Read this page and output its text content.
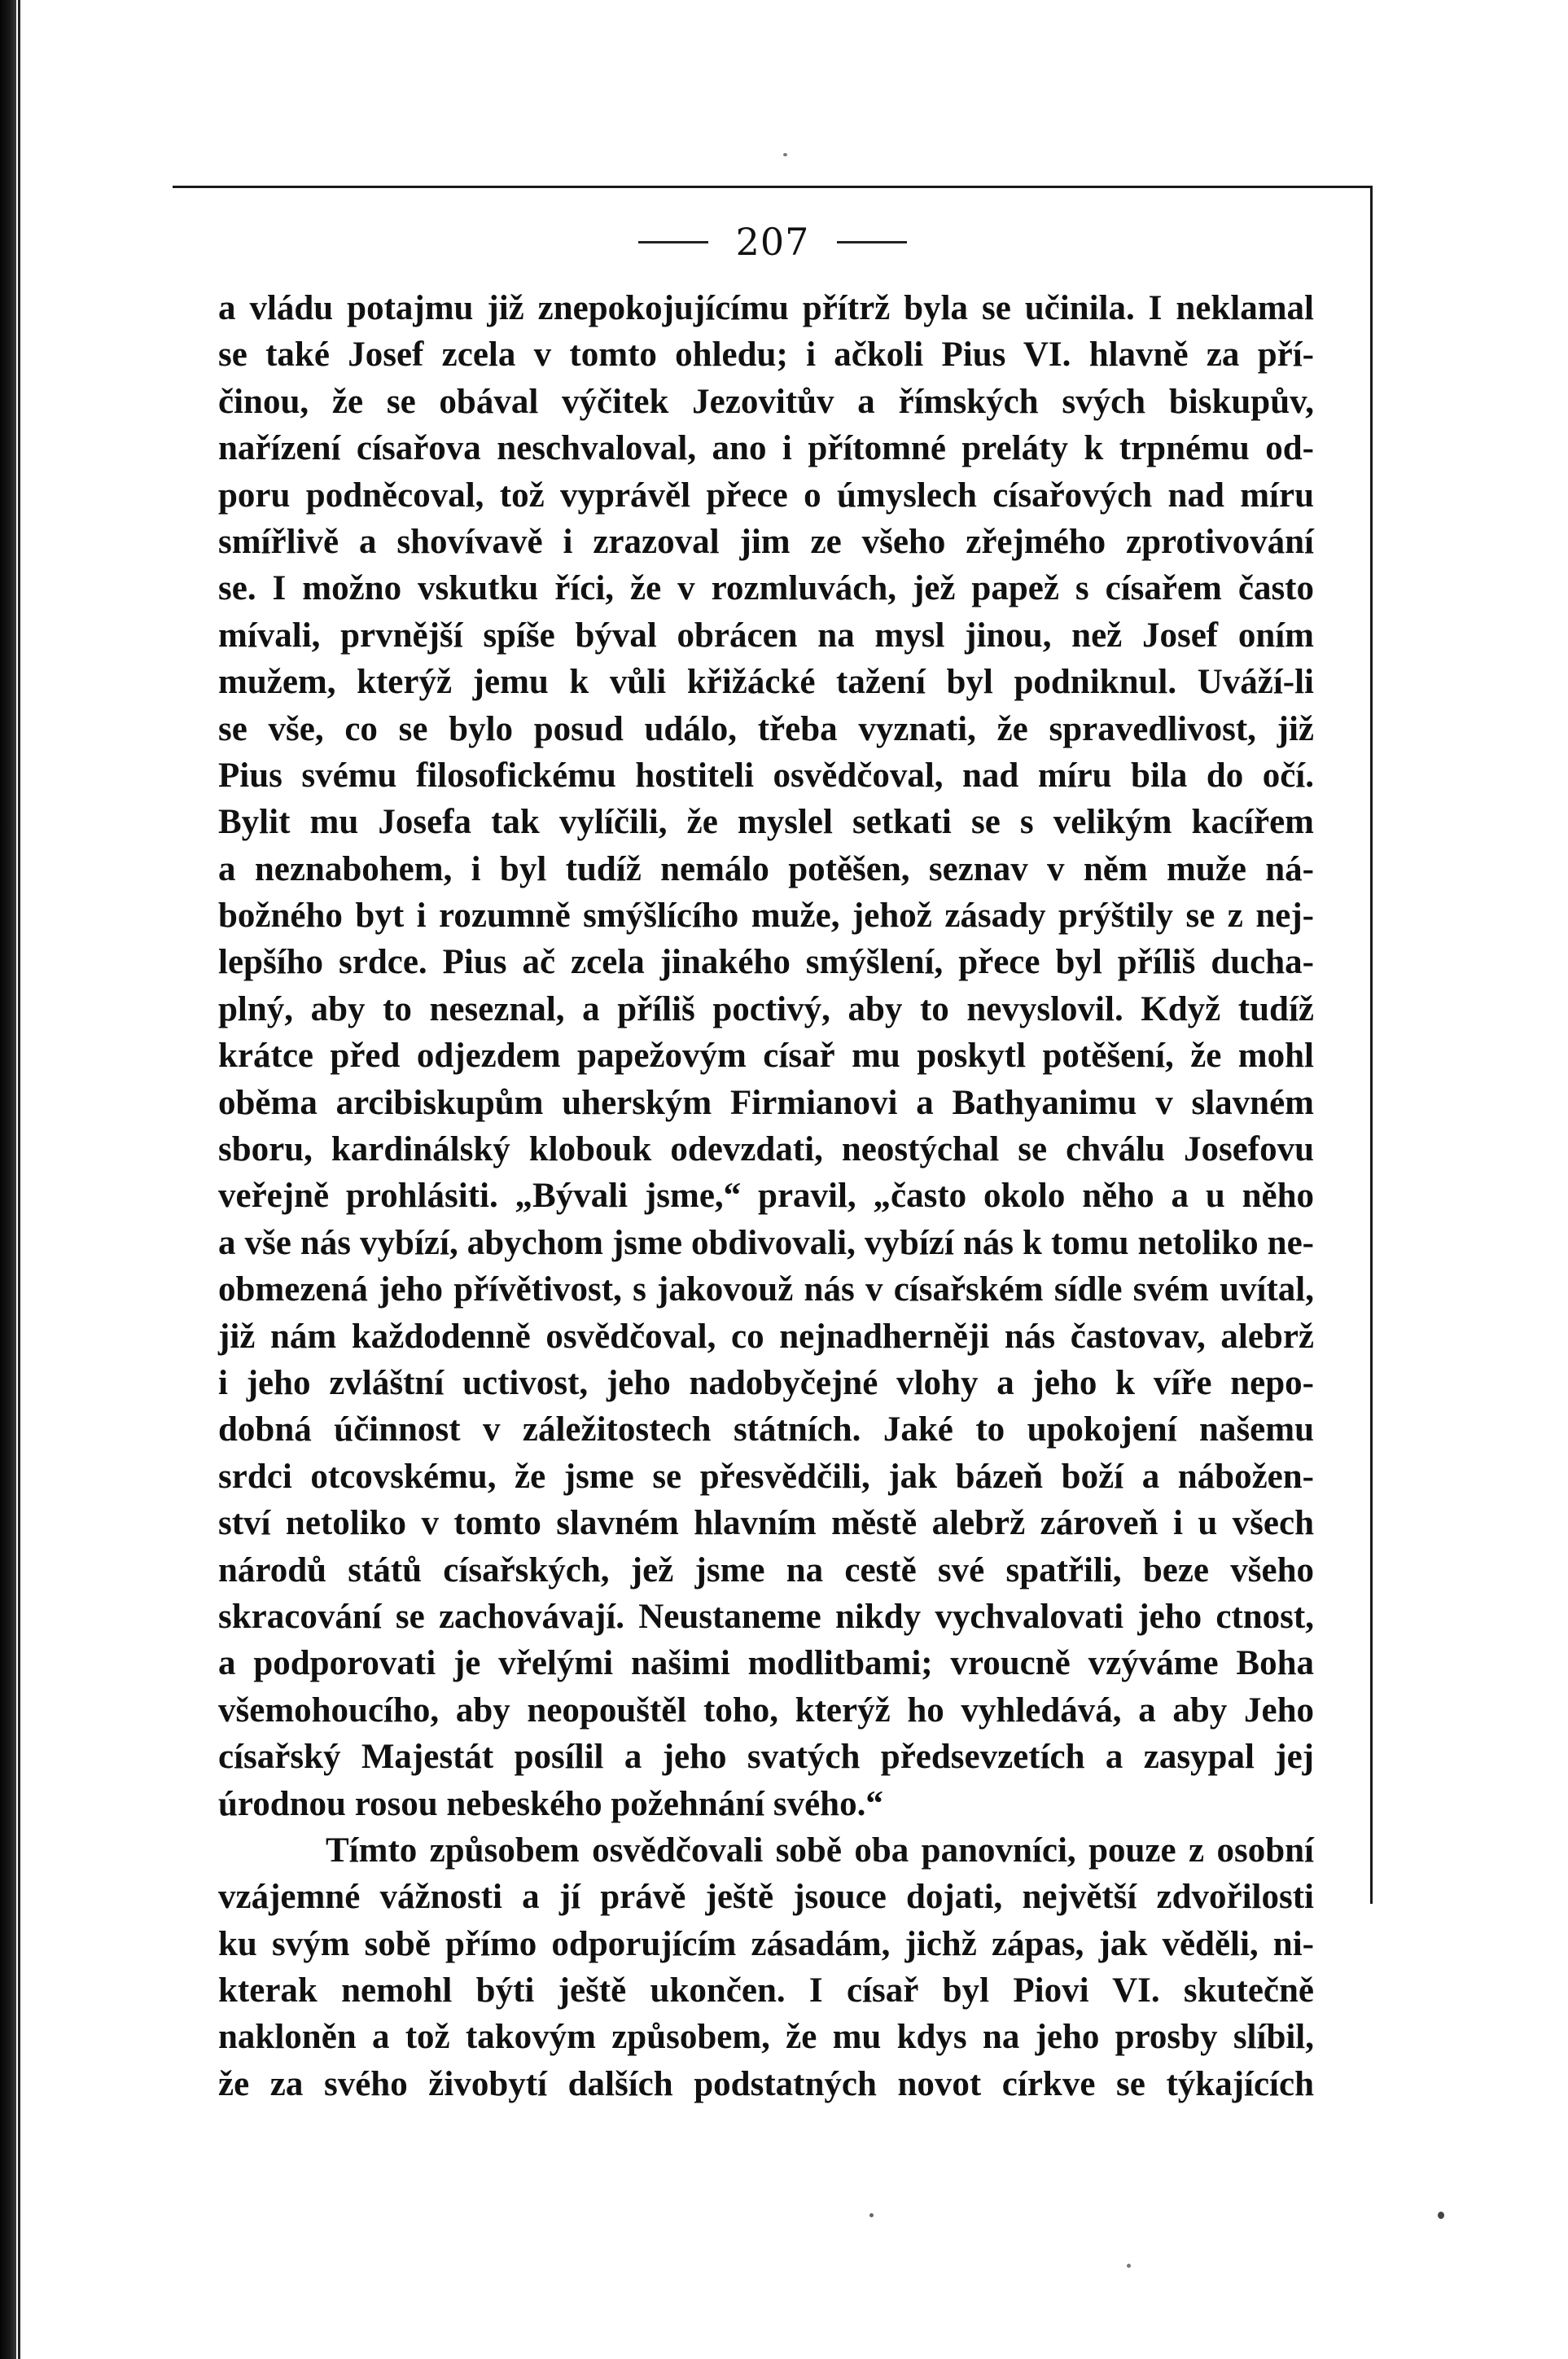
207
a vládu potajmu již znepokojujícímu přítrž byla se učinila. I neklamal
se také Josef zcela v tomto ohledu; i ačkoli Pius VI. hlavně za pří-
činou, že se obával výčitek Jezovitův a římských svých biskupův,
nařízení císařova neschvaloval, ano i přítomné preláty k trpnému od-
poru podněcoval, tož vyprávěl přece o úmyslech císařových nad míru
smířlivě a shovívavě i zrazoval jim ze všeho zřejmého zprotivování
se. I možno vskutku říci, že v rozmluvách, jež papež s císařem často
mívali, prvnější spíše býval obrácen na mysl jinou, než Josef oním
mužem, kterýž jemu k vůli křižácké tažení byl podniknul. Uváží-li
se vše, co se bylo posud událo, třeba vyznati, že spravedlivost, již
Pius svému filosofickému hostiteli osvědčoval, nad míru bila do očí.
Bylit mu Josefa tak vylíčili, že myslel setkati se s velikým kacířem
a neznabohem, i byl tudíž nemálo potěšen, seznav v něm muže ná-
božného byt i rozumně smýšlícího muže, jehož zásady prýštily se z nej-
lepšího srdce. Pius ač zcela jinakého smýšlení, přece byl příliš ducha-
plný, aby to neseznal, a příliš poctivý, aby to nevyslovil. Když tudíž
krátce před odjezdem papežovým císař mu poskytl potěšení, že mohl
oběma arcibiskupům uherským Firmianovi a Bathyanimu v slavném
sboru, kardinálský klobouk odevzdati, neostýchal se chválu Josefovu
veřejně prohlásiti. „Bývali jsme,“ pravil, „často okolo něho a u něho
a vše nás vybízí, abychom jsme obdivovali, vybízí nás k tomu netoliko ne-
obmezená jeho přívětivost, s jakovouž nás v císařském sídle svém uvítal,
již nám každodenně osvědčoval, co nejnadherněji nás častovav, alebrž
i jeho zvláštní uctivost, jeho nadobyčejné vlohy a jeho k víře nepo-
dobná účinnost v záležitostech státních. Jaké to upokojení našemu
srdci otcovskému, že jsme se přesvědčili, jak bázeň boží a nábožen-
ství netoliko v tomto slavném hlavním městě alebrž zároveň i u všech
národů států císařských, jež jsme na cestě své spatřili, beze všeho
skracování se zachovávají. Neustaneme nikdy vychvalovati jeho ctnost,
a podporovati je vřelými našimi modlitbami; vroucně vzýváme Boha
všemohoucího, aby neopouštěl toho, kterýž ho vyhledává, a aby Jeho
císařský Majestát posílil a jeho svatých předsevzetích a zasypal jej
úrodnou rosou nebeského požehnání svého.“
Tímto způsobem osvědčovali sobě oba panovníci, pouze z osobní
vzájemné vážnosti a jí právě ještě jsouce dojati, největší zdvořilosti
ku svým sobě přímo odporujícím zásadám, jichž zápas, jak věděli, ni-
kterak nemohl býti ještě ukončen. I císař byl Piovi VI. skutečně
nakloněn a tož takovým způsobem, že mu kdys na jeho prosby slíbil,
že za svého živobytí dalších podstatných novot církve se týkajících
